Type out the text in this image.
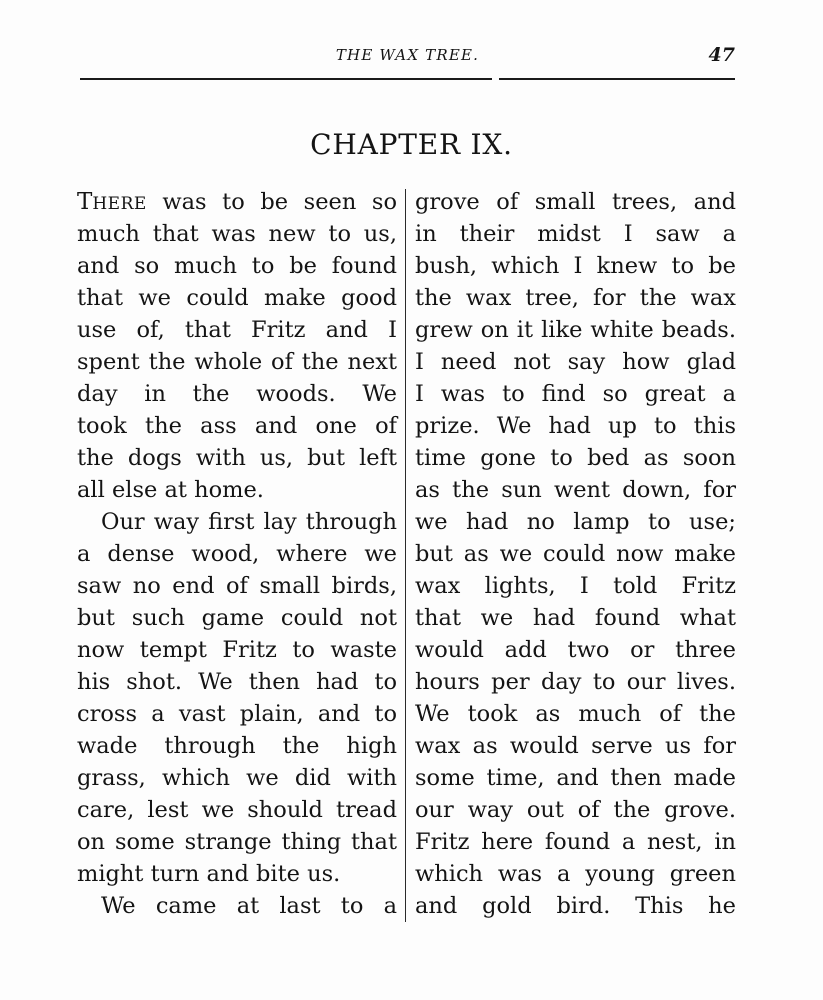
THE WAX TREE.	47
CHAPTER IX.
THERE was to be seen so
much that was new to us,
and so much to be found
that we could make good
use of, that Fritz and I
spent the whole of the next
day in the woods. We
took the ass and one of
the dogs with us, but left
all else at home.
Our way first lay through
a dense wood, where we
saw no end of small birds,
but such game could not
now tempt Fritz to waste
his shot. We then had to
cross a vast plain, and to
wade through the high
grass, which we did with
care, lest we should tread
on some strange thing that
might turn and bite us.
We came at last to a
grove of small trees, and
in their midst I saw a
bush, which I knew to be
the wax tree, for the wax
grew on it like white beads.
I need not say how glad
I was to find so great a
prize. We had up to this
time gone to bed as soon
as the sun went down, for
we had no lamp to use;
but as we could now make
wax lights, I told Fritz
that we had found what
would add two or three
hours per day to our lives.
We took as much of the
wax as would serve us for
some time, and then made
our way out of the grove.
Fritz here found a nest, in
which was a young green
and gold bird. This he
